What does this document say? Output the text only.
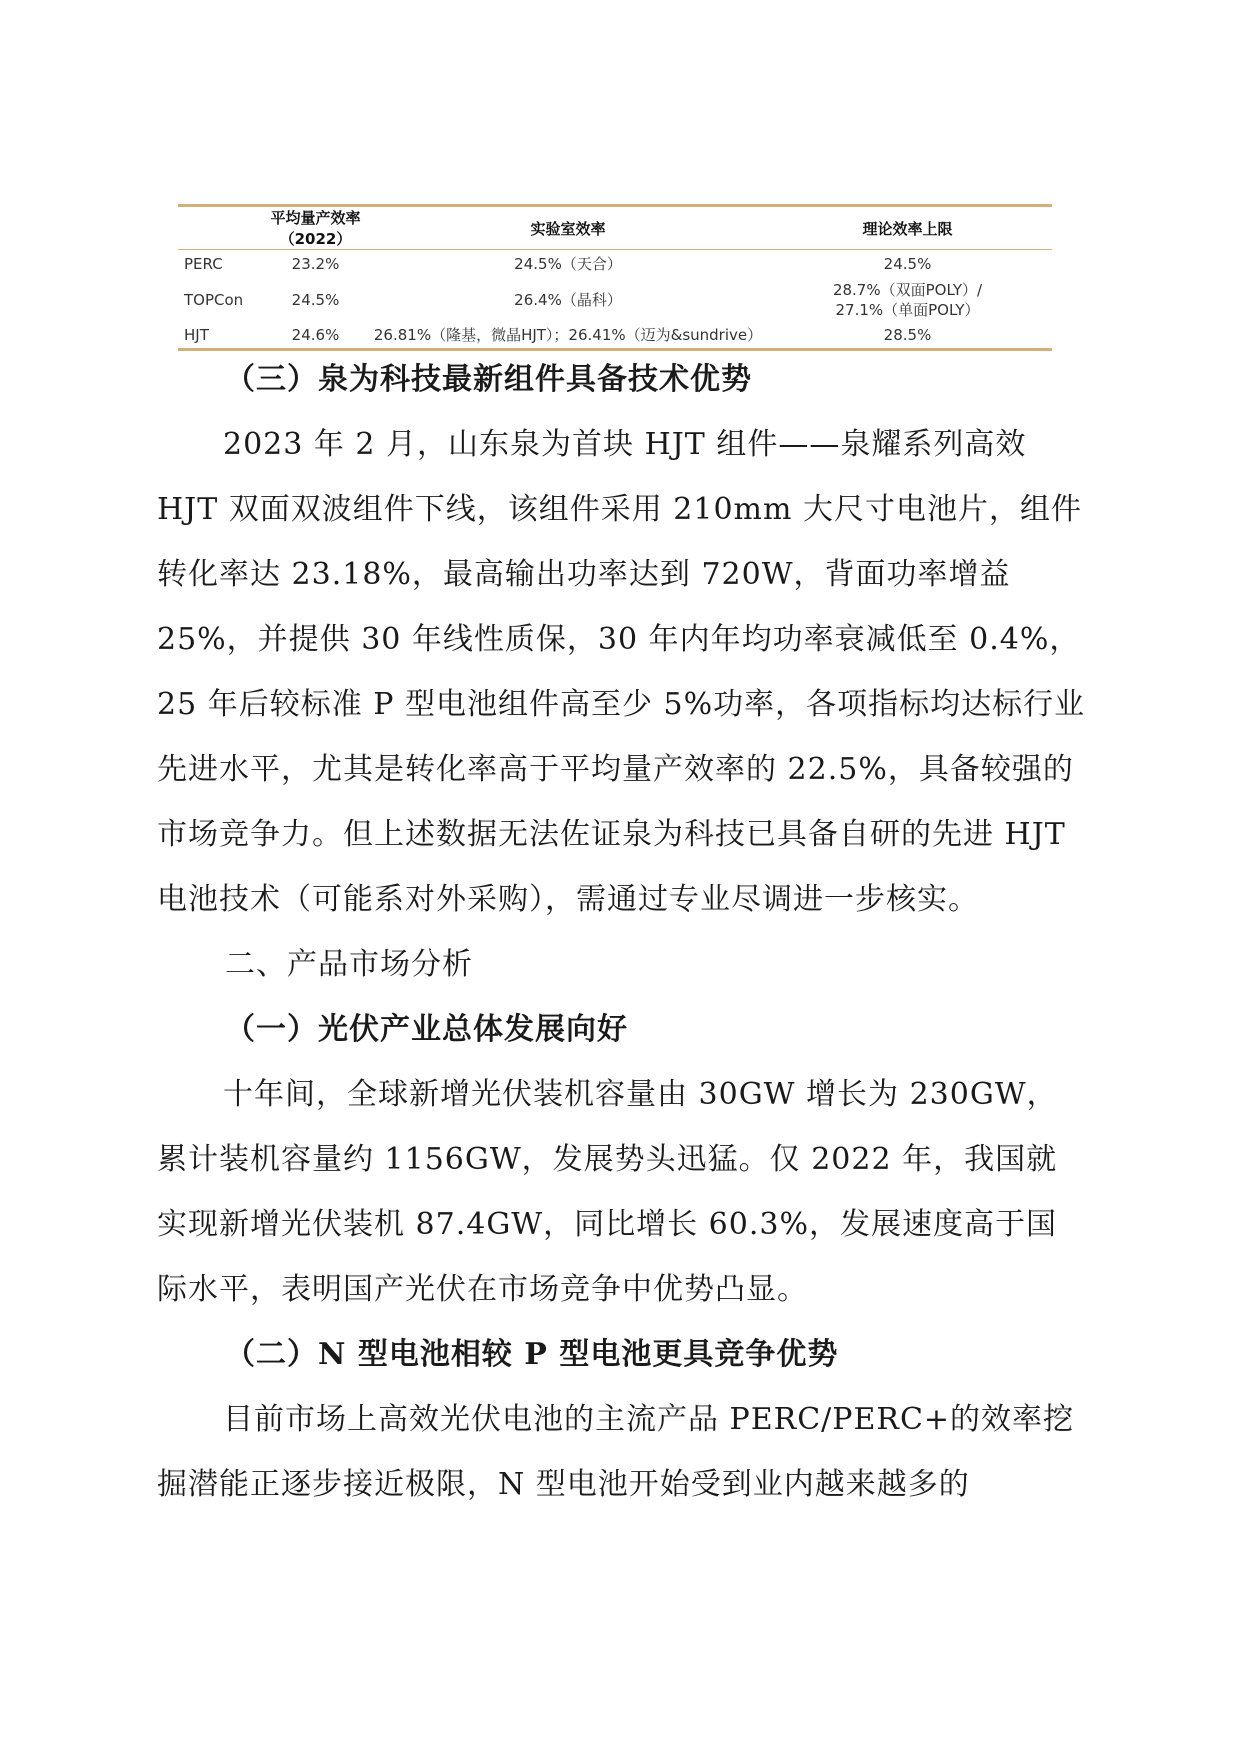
	平均量产效率（2022）	实验室效率	理论效率上限
PERC	23.2%	24.5%（天合）	24.5%
TOPCon	24.5%	26.4%（晶科）	28.7%（双面POLY）/
27.1%（单面POLY）

HJT	24.6%	26.81%（隆基，微晶HJT）；26.41%（迈为&sundrive）	28.5%

（三）泉为科技最新组件具备技术优势

2023 年 2 月，山东泉为首块 HJT 组件——泉耀系列高效HJT 双面双波组件下线，该组件采用 210mm 大尺寸电池片，组件转化率达 23.18%，最高输出功率达到 720W，背面功率增益 25%，并提供 30 年线性质保，30 年内年均功率衰减低至 0.4%，25 年后较标准 P 型电池组件高至少 5%功率，各项指标均达标行业先进水平，尤其是转化率高于平均量产效率的 22.5%，具备较强的市场竞争力。但上述数据无法佐证泉为科技已具备自研的先进 HJT 电池技术（可能系对外采购），需通过专业尽调进一步核实。

二、产品市场分析

（一）光伏产业总体发展向好

十年间，全球新增光伏装机容量由 30GW 增长为 230GW，累计装机容量约 1156GW，发展势头迅猛。仅 2022 年，我国就实现新增光伏装机 87.4GW，同比增长 60.3%，发展速度高于国际水平，表明国产光伏在市场竞争中优势凸显。

（二）N 型电池相较 P 型电池更具竞争优势

目前市场上高效光伏电池的主流产品 PERC/PERC+的效率挖掘潜能正逐步接近极限，N 型电池开始受到业内越来越多的
